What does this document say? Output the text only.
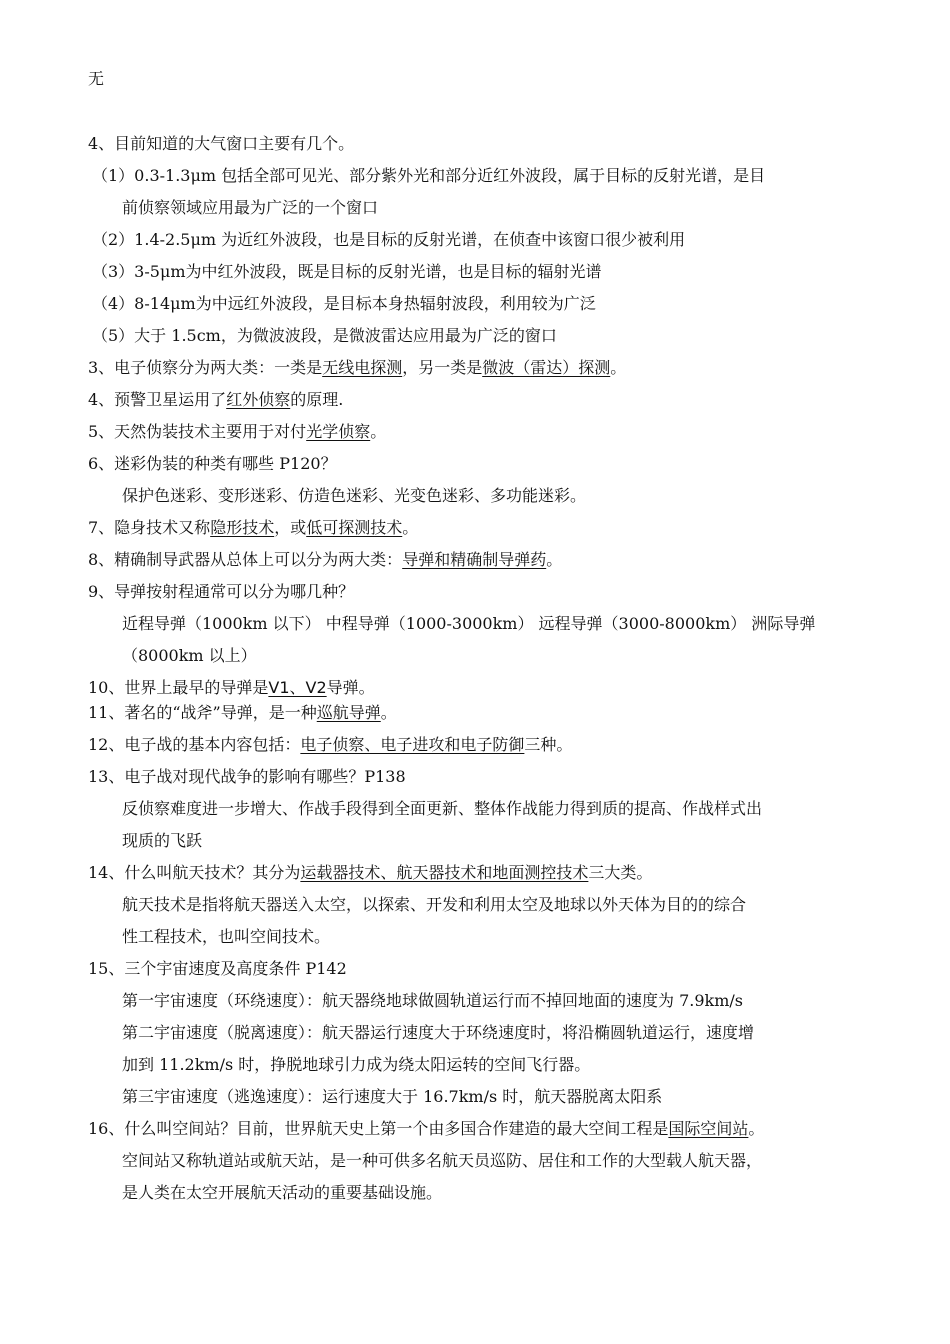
无
4、目前知道的大气窗口主要有几个。
（1）0.3-1.3μm 包括全部可见光、部分紫外光和部分近红外波段，属于目标的反射光谱，是目
前侦察领域应用最为广泛的一个窗口
（2）1.4-2.5μm 为近红外波段，也是目标的反射光谱，在侦查中该窗口很少被利用
（3）3-5μm为中红外波段，既是目标的反射光谱，也是目标的辐射光谱
（4）8-14μm为中远红外波段，是目标本身热辐射波段，利用较为广泛
（5）大于 1.5cm，为微波波段，是微波雷达应用最为广泛的窗口
3、电子侦察分为两大类：一类是无线电探测，另一类是微波（雷达）探测。
4、预警卫星运用了红外侦察的原理.
5、天然伪装技术主要用于对付光学侦察。
6、迷彩伪装的种类有哪些 P120？
保护色迷彩、变形迷彩、仿造色迷彩、光变色迷彩、多功能迷彩。
7、隐身技术又称隐形技术，或低可探测技术。
8、精确制导武器从总体上可以分为两大类：导弹和精确制导弹药。
9、导弹按射程通常可以分为哪几种？
近程导弹（1000km 以下） 中程导弹（1000-3000km） 远程导弹（3000-8000km） 洲际导弹
（8000km 以上）
10、世界上最早的导弹是V1、V2导弹。
11、著名的“战斧”导弹，是一种巡航导弹。
12、电子战的基本内容包括：电子侦察、电子进攻和电子防御三种。
13、电子战对现代战争的影响有哪些？P138
反侦察难度进一步增大、作战手段得到全面更新、整体作战能力得到质的提高、作战样式出
现质的飞跃
14、什么叫航天技术？其分为运载器技术、航天器技术和地面测控技术三大类。
航天技术是指将航天器送入太空，以探索、开发和利用太空及地球以外天体为目的的综合
性工程技术，也叫空间技术。
15、三个宇宙速度及高度条件 P142
第一宇宙速度（环绕速度）：航天器绕地球做圆轨道运行而不掉回地面的速度为 7.9km/s
第二宇宙速度（脱离速度）：航天器运行速度大于环绕速度时，将沿椭圆轨道运行，速度增
加到 11.2km/s 时，挣脱地球引力成为绕太阳运转的空间飞行器。
第三宇宙速度（逃逸速度）：运行速度大于 16.7km/s 时，航天器脱离太阳系
16、什么叫空间站？目前，世界航天史上第一个由多国合作建造的最大空间工程是国际空间站。
空间站又称轨道站或航天站，是一种可供多名航天员巡防、居住和工作的大型载人航天器，
是人类在太空开展航天活动的重要基础设施。
